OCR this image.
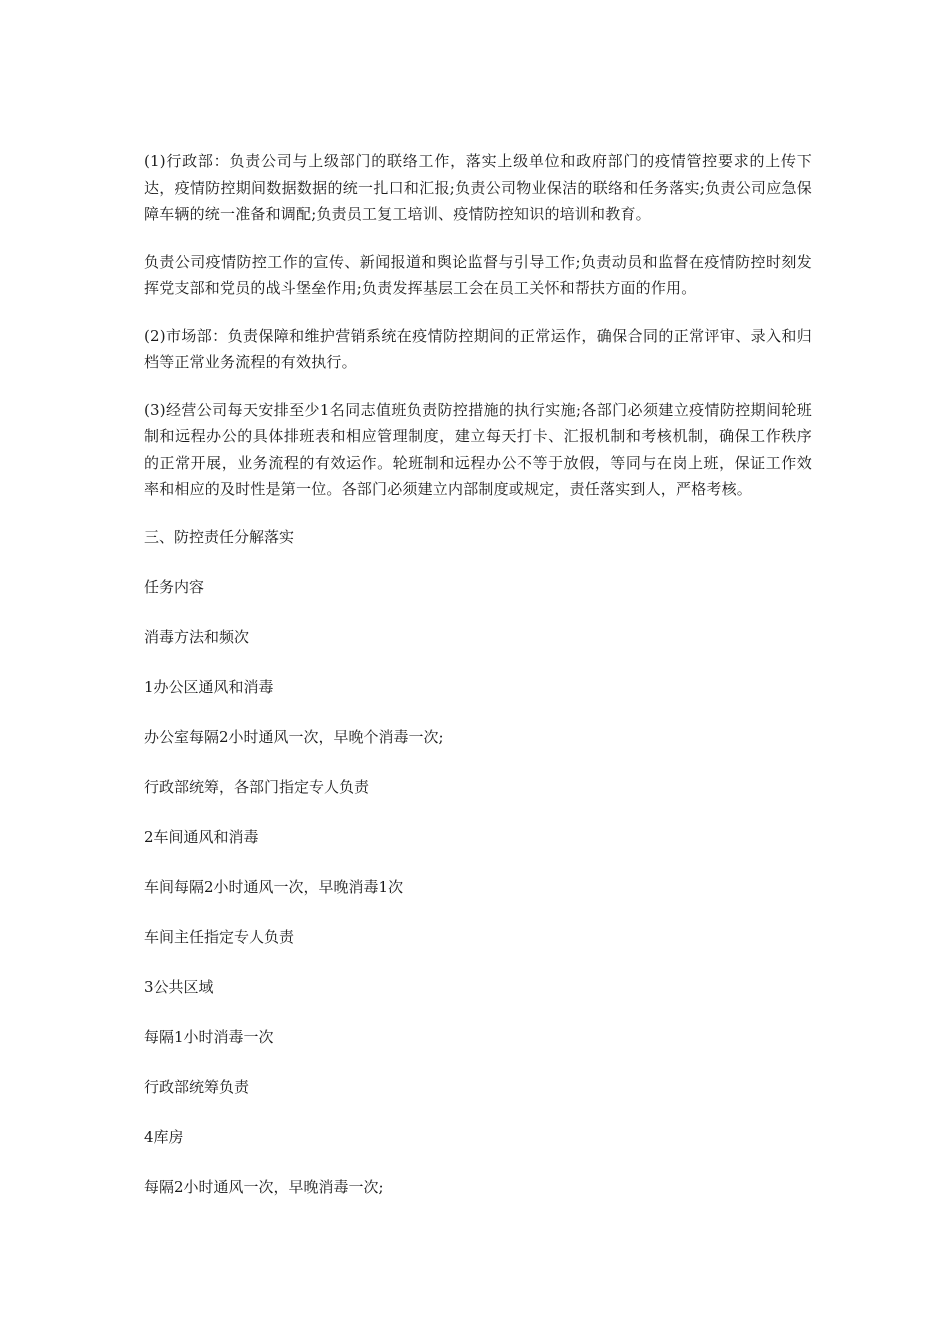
(1)行政部：负责公司与上级部门的联络工作，落实上级单位和政府部门的疫情管控要求的上传下达，疫情防控期间数据数据的统一扎口和汇报;负责公司物业保洁的联络和任务落实;负责公司应急保障车辆的统一准备和调配;负责员工复工培训、疫情防控知识的培训和教育。

负责公司疫情防控工作的宣传、新闻报道和舆论监督与引导工作;负责动员和监督在疫情防控时刻发挥党支部和党员的战斗堡垒作用;负责发挥基层工会在员工关怀和帮扶方面的作用。

(2)市场部：负责保障和维护营销系统在疫情防控期间的正常运作，确保合同的正常评审、录入和归档等正常业务流程的有效执行。

(3)经营公司每天安排至少1名同志值班负责防控措施的执行实施;各部门必须建立疫情防控期间轮班制和远程办公的具体排班表和相应管理制度，建立每天打卡、汇报机制和考核机制，确保工作秩序的正常开展，业务流程的有效运作。轮班制和远程办公不等于放假，等同与在岗上班，保证工作效率和相应的及时性是第一位。各部门必须建立内部制度或规定，责任落实到人，严格考核。

三、防控责任分解落实

任务内容

消毒方法和频次

1办公区通风和消毒

办公室每隔2小时通风一次，早晚个消毒一次;

行政部统筹，各部门指定专人负责

2车间通风和消毒

车间每隔2小时通风一次，早晚消毒1次

车间主任指定专人负责

3公共区域

每隔1小时消毒一次

行政部统筹负责

4库房

每隔2小时通风一次，早晚消毒一次;
